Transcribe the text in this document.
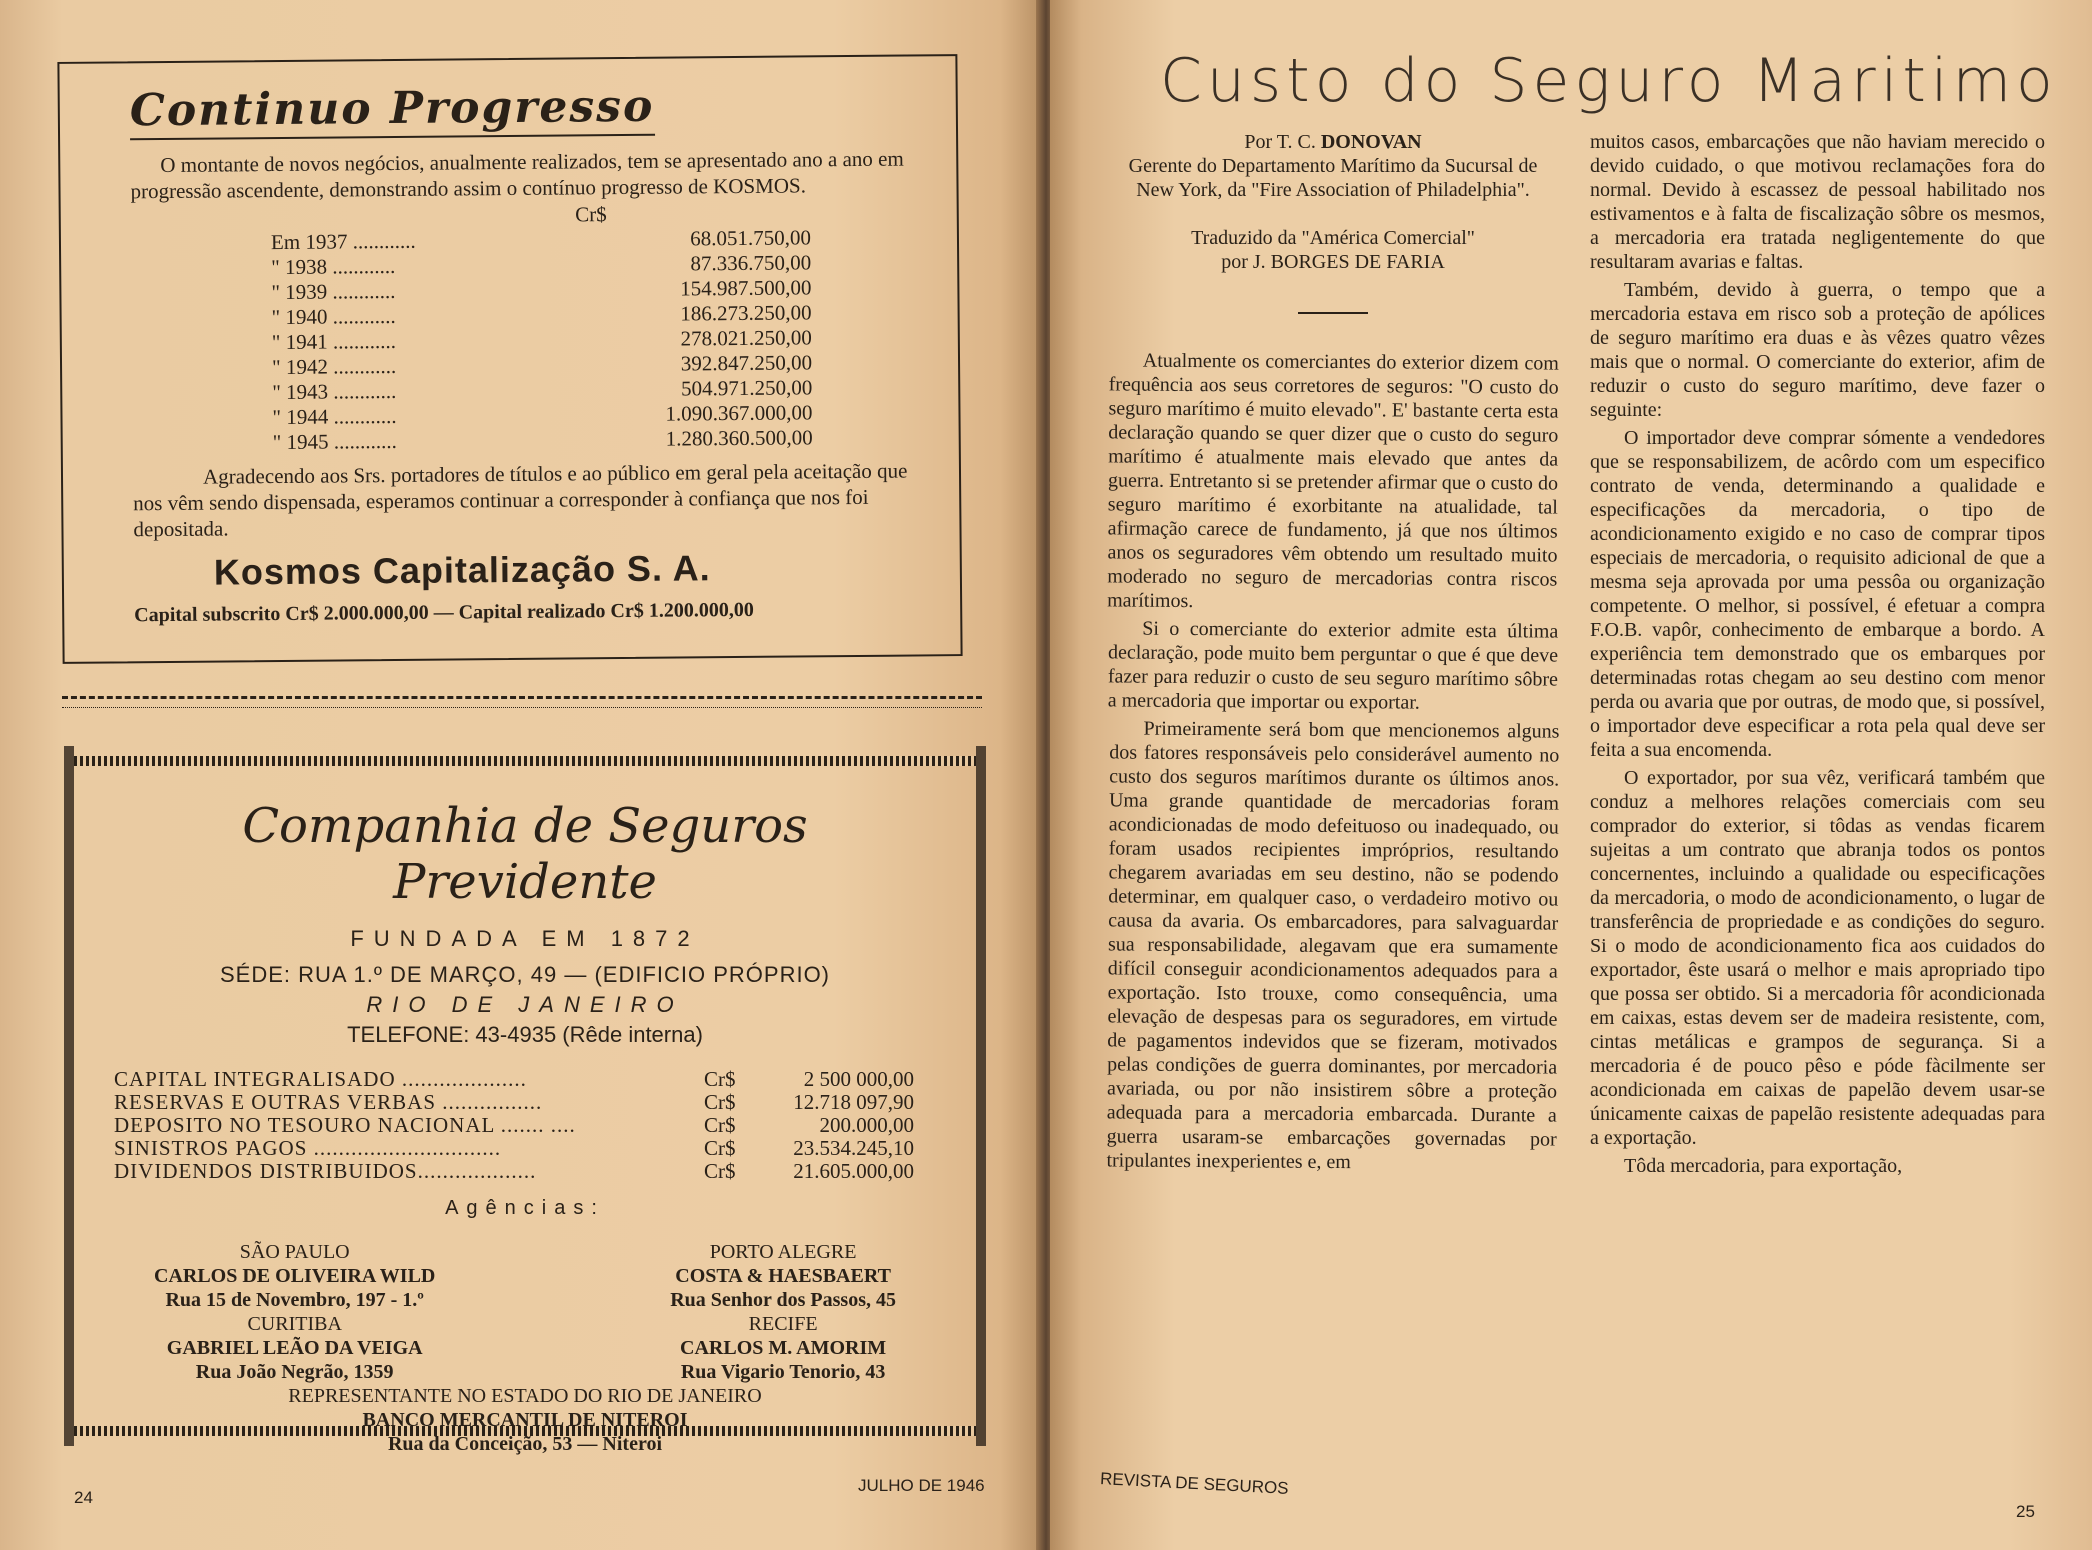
Continuo Progresso

O montante de novos negócios, anualmente realizados, tem se apresentado ano a ano em progressão ascendente, demonstrando assim o contínuo progresso de KOSMOS.

Cr$
Em 1937 ............	68.051.750,00
" 1938 ............	87.336.750,00
" 1939 ............	154.987.500,00
" 1940 ............	186.273.250,00
" 1941 ............	278.021.250,00
" 1942 ............	392.847.250,00
" 1943 ............	504.971.250,00
" 1944 ............	1.090.367.000,00
" 1945 ............	1.280.360.500,00

Agradecendo aos Srs. portadores de títulos e ao público em geral pela aceitação que nos vêm sendo dispensada, esperamos continuar a corresponder à confiança que nos foi depositada.

Kosmos Capitalização S. A.
Capital subscrito Cr$ 2.000.000,00 — Capital realizado Cr$ 1.200.000,00
Companhia de Seguros Previdente
FUNDADA EM 1872
SÉDE: RUA 1.º DE MARÇO, 49 — (EDIFICIO PRÓPRIO)
RIO DE JANEIRO
TELEFONE: 43-4935 (Rêde interna)
CAPITAL INTEGRALISADO ....................	Cr$	2 500 000,00
RESERVAS E OUTRAS VERBAS ................	Cr$	12.718 097,90
DEPOSITO NO TESOURO NACIONAL ....... ....	Cr$	200.000,00
SINISTROS PAGOS ..............................	Cr$	23.534.245,10
DIVIDENDOS DISTRIBUIDOS...................	Cr$	21.605.000,00
Agências:
SÃO PAULO
CARLOS DE OLIVEIRA WILD
Rua 15 de Novembro, 197 - 1.º
CURITIBA
GABRIEL LEÃO DA VEIGA
Rua João Negrão, 1359
PORTO ALEGRE
COSTA & HAESBAERT
Rua Senhor dos Passos, 45
RECIFE
CARLOS M. AMORIM
Rua Vigario Tenorio, 43
REPRESENTANTE NO ESTADO DO RIO DE JANEIRO
BANCO MERCANTIL DE NITEROI
Rua da Conceição, 53 — Niteroi
24
JULHO DE 1946
Custo do Seguro Maritimo
Por T. C. DONOVAN
Gerente do Departamento Marítimo da Sucursal de New York, da "Fire Association of Philadelphia".
Traduzido da "América Comercial"
por J. BORGES DE FARIA

Atualmente os comerciantes do exterior dizem com frequência aos seus corretores de seguros: "O custo do seguro marítimo é muito elevado". E' bastante certa esta declaração quando se quer dizer que o custo do seguro marítimo é atualmente mais elevado que antes da guerra. Entretanto si se pretender afirmar que o custo do seguro marítimo é exorbitante na atualidade, tal afirmação carece de fundamento, já que nos últimos anos os seguradores vêm obtendo um resultado muito moderado no seguro de mercadorias contra riscos marítimos.

Si o comerciante do exterior admite esta última declaração, pode muito bem perguntar o que é que deve fazer para reduzir o custo de seu seguro marítimo sôbre a mercadoria que importar ou exportar.

Primeiramente será bom que mencionemos alguns dos fatores responsáveis pelo considerável aumento no custo dos seguros marítimos durante os últimos anos. Uma grande quantidade de mercadorias foram acondicionadas de modo defeituoso ou inadequado, ou foram usados recipientes impróprios, resultando chegarem avariadas em seu destino, não se podendo determinar, em qualquer caso, o verdadeiro motivo ou causa da avaria. Os embarcadores, para salvaguardar sua responsabilidade, alegavam que era sumamente difícil conseguir acondicionamentos adequados para a exportação. Isto trouxe, como consequência, uma elevação de despesas para os seguradores, em virtude de pagamentos indevidos que se fizeram, motivados pelas condições de guerra dominantes, por mercadoria avariada, ou por não insistirem sôbre a proteção adequada para a mercadoria embarcada. Durante a guerra usaram-se embarcações governadas por tripulantes inexperientes e, em

muitos casos, embarcações que não haviam merecido o devido cuidado, o que motivou reclamações fora do normal. Devido à escassez de pessoal habilitado nos estivamentos e à falta de fiscalização sôbre os mesmos, a mercadoria era tratada negligentemente do que resultaram avarias e faltas.

Também, devido à guerra, o tempo que a mercadoria estava em risco sob a proteção de apólices de seguro marítimo era duas e às vêzes quatro vêzes mais que o normal. O comerciante do exterior, afim de reduzir o custo do seguro marítimo, deve fazer o seguinte:

O importador deve comprar sómente a vendedores que se responsabilizem, de acôrdo com um especifico contrato de venda, determinando a qualidade e especificações da mercadoria, o tipo de acondicionamento exigido e no caso de comprar tipos especiais de mercadoria, o requisito adicional de que a mesma seja aprovada por uma pessôa ou organização competente. O melhor, si possível, é efetuar a compra F.O.B. vapôr, conhecimento de embarque a bordo. A experiência tem demonstrado que os embarques por determinadas rotas chegam ao seu destino com menor perda ou avaria que por outras, de modo que, si possível, o importador deve especificar a rota pela qual deve ser feita a sua encomenda.

O exportador, por sua vêz, verificará também que conduz a melhores relações comerciais com seu comprador do exterior, si tôdas as vendas ficarem sujeitas a um contrato que abranja todos os pontos concernentes, incluindo a qualidade ou especificações da mercadoria, o modo de acondicionamento, o lugar de transferência de propriedade e as condições do seguro. Si o modo de acondicionamento fica aos cuidados do exportador, êste usará o melhor e mais apropriado tipo que possa ser obtido. Si a mercadoria fôr acondicionada em caixas, estas devem ser de madeira resistente, com, cintas metálicas e grampos de segurança. Si a mercadoria é de pouco pêso e póde fàcilmente ser acondicionada em caixas de papelão devem usar-se únicamente caixas de papelão resistente adequadas para a exportação.

Tôda mercadoria, para exportação,

REVISTA DE SEGUROS
25
